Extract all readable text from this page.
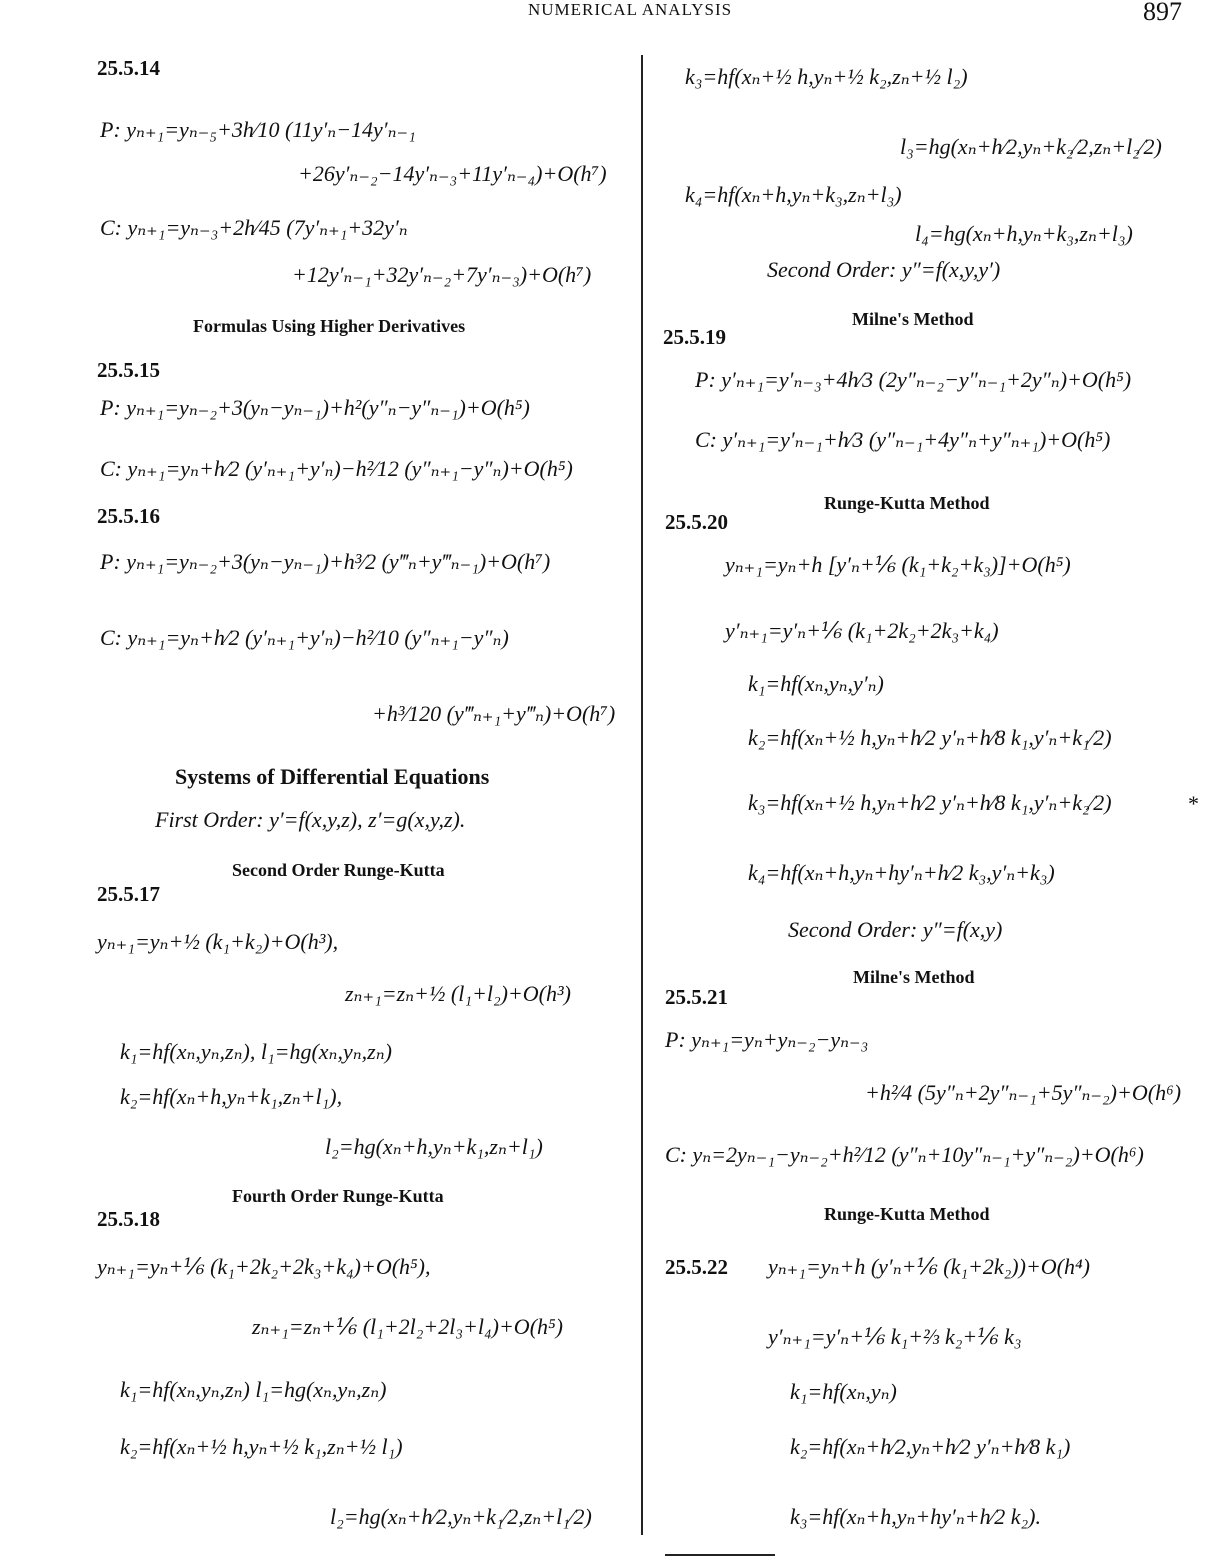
NUMERICAL ANALYSIS	897
25.5.14
P: yₙ₊₁=yₙ₋₅+3h⁄10 (11y′ₙ−14y′ₙ₋₁
+26y′ₙ₋₂−14y′ₙ₋₃+11y′ₙ₋₄)+O(h⁷)
C: yₙ₊₁=yₙ₋₃+2h⁄45 (7y′ₙ₊₁+32y′ₙ
+12y′ₙ₋₁+32y′ₙ₋₂+7y′ₙ₋₃)+O(h⁷)
Formulas Using Higher Derivatives
25.5.15
P: yₙ₊₁=yₙ₋₂+3(yₙ−yₙ₋₁)+h²(y″ₙ−y″ₙ₋₁)+O(h⁵)
C: yₙ₊₁=yₙ+h⁄2 (y′ₙ₊₁+y′ₙ)−h²⁄12 (y″ₙ₊₁−y″ₙ)+O(h⁵)
25.5.16
P: yₙ₊₁=yₙ₋₂+3(yₙ−yₙ₋₁)+h³⁄2 (y‴ₙ+y‴ₙ₋₁)+O(h⁷)
C: yₙ₊₁=yₙ+h⁄2 (y′ₙ₊₁+y′ₙ)−h²⁄10 (y″ₙ₊₁−y″ₙ)
+h³⁄120 (y‴ₙ₊₁+y‴ₙ)+O(h⁷)
Systems of Differential Equations
First Order: y′=f(x,y,z), z′=g(x,y,z).
Second Order Runge-Kutta
25.5.17
yₙ₊₁=yₙ+½ (k₁+k₂)+O(h³),
zₙ₊₁=zₙ+½ (l₁+l₂)+O(h³)
k₁=hf(xₙ,yₙ,zₙ), l₁=hg(xₙ,yₙ,zₙ)
k₂=hf(xₙ+h,yₙ+k₁,zₙ+l₁),
l₂=hg(xₙ+h,yₙ+k₁,zₙ+l₁)
Fourth Order Runge-Kutta
25.5.18
yₙ₊₁=yₙ+⅙ (k₁+2k₂+2k₃+k₄)+O(h⁵),
zₙ₊₁=zₙ+⅙ (l₁+2l₂+2l₃+l₄)+O(h⁵)
k₁=hf(xₙ,yₙ,zₙ) l₁=hg(xₙ,yₙ,zₙ)
k₂=hf(xₙ+½ h,yₙ+½ k₁,zₙ+½ l₁)
l₂=hg(xₙ+h⁄2,yₙ+k₁⁄2,zₙ+l₁⁄2)
k₃=hf(xₙ+½ h,yₙ+½ k₂,zₙ+½ l₂)
l₃=hg(xₙ+h⁄2,yₙ+k₂⁄2,zₙ+l₂⁄2)
k₄=hf(xₙ+h,yₙ+k₃,zₙ+l₃)
l₄=hg(xₙ+h,yₙ+k₃,zₙ+l₃)
Second Order: y″=f(x,y,y′)
Milne's Method
25.5.19
P: y′ₙ₊₁=y′ₙ₋₃+4h⁄3 (2y″ₙ₋₂−y″ₙ₋₁+2y″ₙ)+O(h⁵)
C: y′ₙ₊₁=y′ₙ₋₁+h⁄3 (y″ₙ₋₁+4y″ₙ+y″ₙ₊₁)+O(h⁵)
Runge-Kutta Method
25.5.20
yₙ₊₁=yₙ+h [y′ₙ+⅙ (k₁+k₂+k₃)]+O(h⁵)
y′ₙ₊₁=y′ₙ+⅙ (k₁+2k₂+2k₃+k₄)
k₁=hf(xₙ,yₙ,y′ₙ)
k₂=hf(xₙ+½ h,yₙ+h⁄2 y′ₙ+h⁄8 k₁,y′ₙ+k₁⁄2)
k₃=hf(xₙ+½ h,yₙ+h⁄2 y′ₙ+h⁄8 k₁,y′ₙ+k₂⁄2)
k₄=hf(xₙ+h,yₙ+hy′ₙ+h⁄2 k₃,y′ₙ+k₃)
*
Second Order: y″=f(x,y)
Milne's Method
25.5.21
P: yₙ₊₁=yₙ+yₙ₋₂−yₙ₋₃
+h²⁄4 (5y″ₙ+2y″ₙ₋₁+5y″ₙ₋₂)+O(h⁶)
C: yₙ=2yₙ₋₁−yₙ₋₂+h²⁄12 (y″ₙ+10y″ₙ₋₁+y″ₙ₋₂)+O(h⁶)
Runge-Kutta Method
25.5.22 yₙ₊₁=yₙ+h (y′ₙ+⅙ (k₁+2k₂))+O(h⁴)
y′ₙ₊₁=y′ₙ+⅙ k₁+⅔ k₂+⅙ k₃
k₁=hf(xₙ,yₙ)
k₂=hf(xₙ+h⁄2,yₙ+h⁄2 y′ₙ+h⁄8 k₁)
k₃=hf(xₙ+h,yₙ+hy′ₙ+h⁄2 k₂).
